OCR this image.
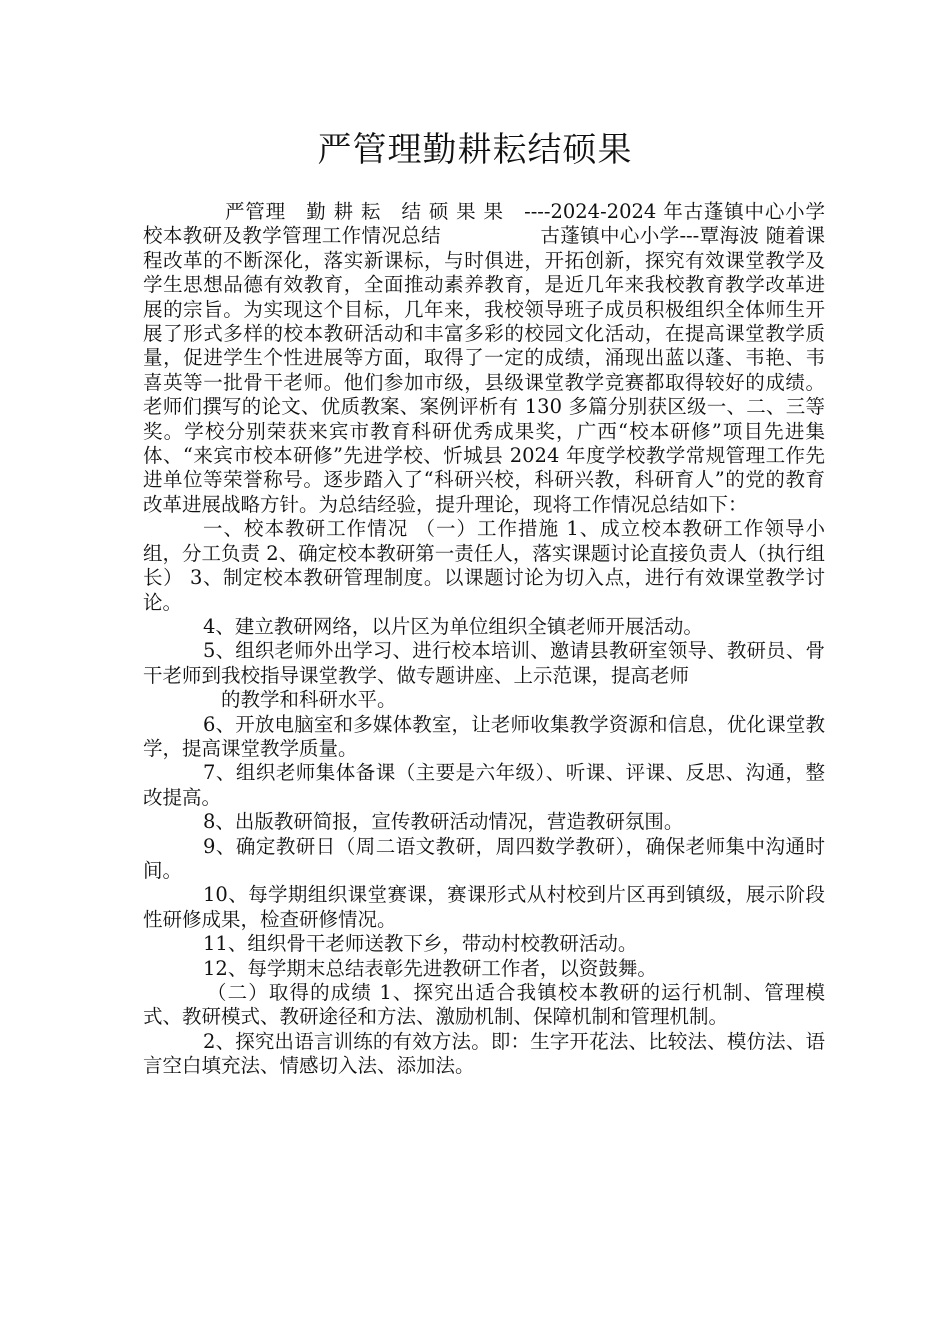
严管理勤耕耘结硕果

严管理　勤 耕 耘　结 硕 果 果　----2024-2024 年古蓬镇中心小学 校本教研及教学管理工作情况总结　　　　　古蓬镇中心小学---覃海波 随着课程改革的不断深化，落实新课标，与时俱进，开拓创新，探究有效课堂教学及学生思想品德有效教育，全面推动素养教育，是近几年来我校教育教学改革进展的宗旨。为实现这个目标，几年来，我校领导班子成员积极组织全体师生开展了形式多样的校本教研活动和丰富多彩的校园文化活动，在提高课堂教学质量，促进学生个性进展等方面，取得了一定的成绩，涌现出蓝以蓬、韦艳、韦喜英等一批骨干老师。他们参加市级，县级课堂教学竞赛都取得较好的成绩。老师们撰写的论文、优质教案、案例评析有 130 多篇分别获区级一、二、三等奖。学校分别荣获来宾市教育科研优秀成果奖，广西“校本研修”项目先进集体、“来宾市校本研修”先进学校、忻城县 2024 年度学校教学常规管理工作先进单位等荣誉称号。逐步踏入了“科研兴校，科研兴教，科研育人”的党的教育改革进展战略方针。为总结经验，提升理论，现将工作情况总结如下：

一、校本教研工作情况 （一）工作措施 1、成立校本教研工作领导小组，分工负责 2、确定校本教研第一责任人，落实课题讨论直接负责人（执行组长） 3、制定校本教研管理制度。以课题讨论为切入点，进行有效课堂教学讨论。

4、建立教研网络，以片区为单位组织全镇老师开展活动。

5、组织老师外出学习、进行校本培训、邀请县教研室领导、教研员、骨干老师到我校指导课堂教学、做专题讲座、上示范课，提高老师

的教学和科研水平。

6、开放电脑室和多媒体教室，让老师收集教学资源和信息，优化课堂教学，提高课堂教学质量。

7、组织老师集体备课（主要是六年级）、听课、评课、反思、沟通，整改提高。

8、出版教研简报，宣传教研活动情况，营造教研氛围。

9、确定教研日（周二语文教研，周四数学教研），确保老师集中沟通时间。

10、每学期组织课堂赛课，赛课形式从村校到片区再到镇级，展示阶段性研修成果，检查研修情况。

11、组织骨干老师送教下乡，带动村校教研活动。

12、每学期末总结表彰先进教研工作者，以资鼓舞。

（二）取得的成绩 1、探究出适合我镇校本教研的运行机制、管理模式、教研模式、教研途径和方法、激励机制、保障机制和管理机制。

2、探究出语言训练的有效方法。即：生字开花法、比较法、模仿法、语言空白填充法、情感切入法、添加法。
